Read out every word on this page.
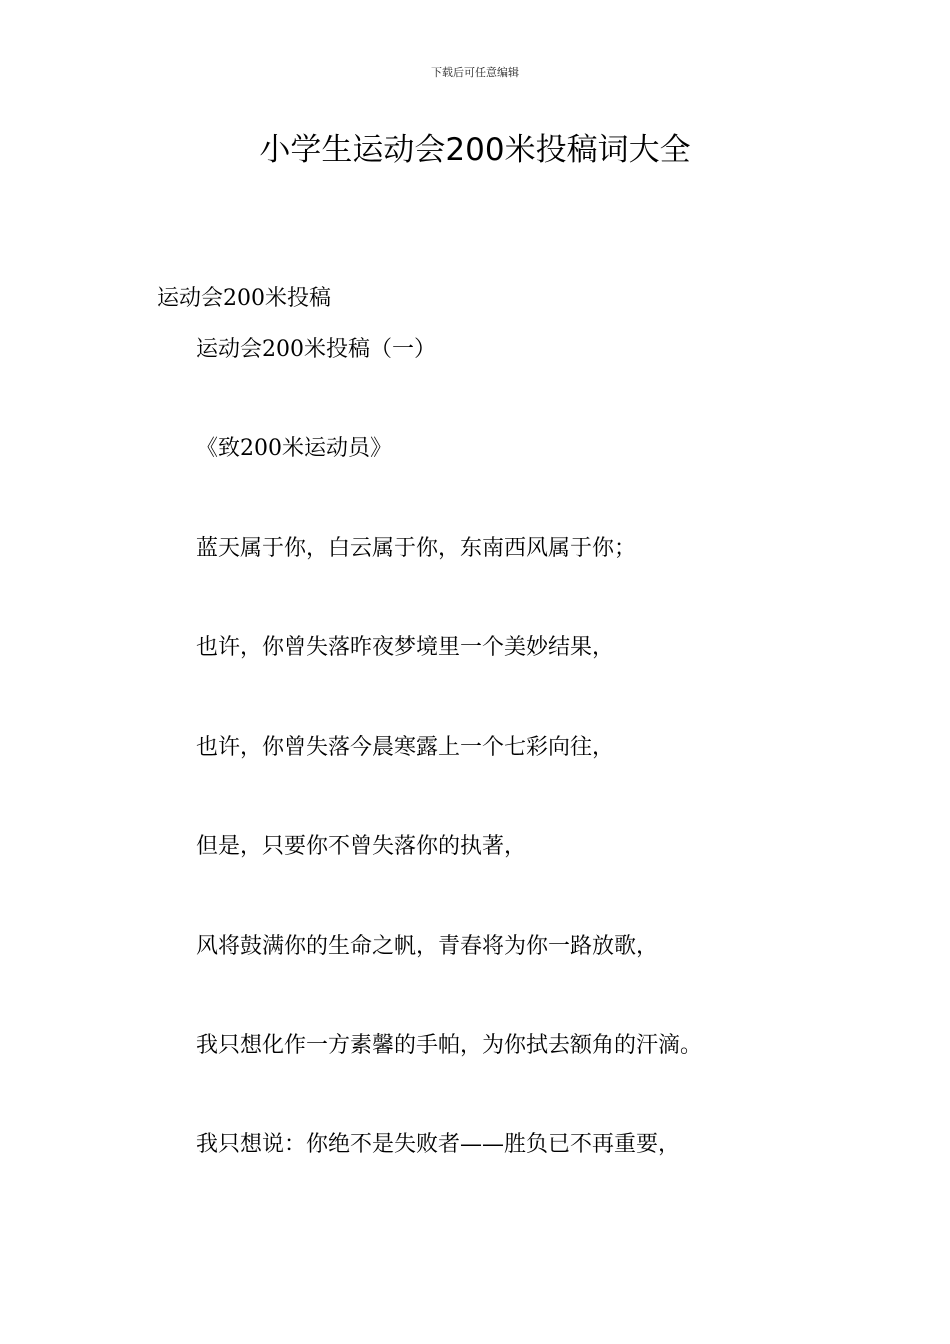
下载后可任意编辑
小学生运动会200米投稿词大全
运动会200米投稿
运动会200米投稿（一）
《致200米运动员》
蓝天属于你，白云属于你，东南西风属于你；
也许，你曾失落昨夜梦境里一个美妙结果，
也许，你曾失落今晨寒露上一个七彩向往，
但是，只要你不曾失落你的执著，
风将鼓满你的生命之帆，青春将为你一路放歌，
我只想化作一方素馨的手帕，为你拭去额角的汗滴。
我只想说：你绝不是失败者——胜负已不再重要，
